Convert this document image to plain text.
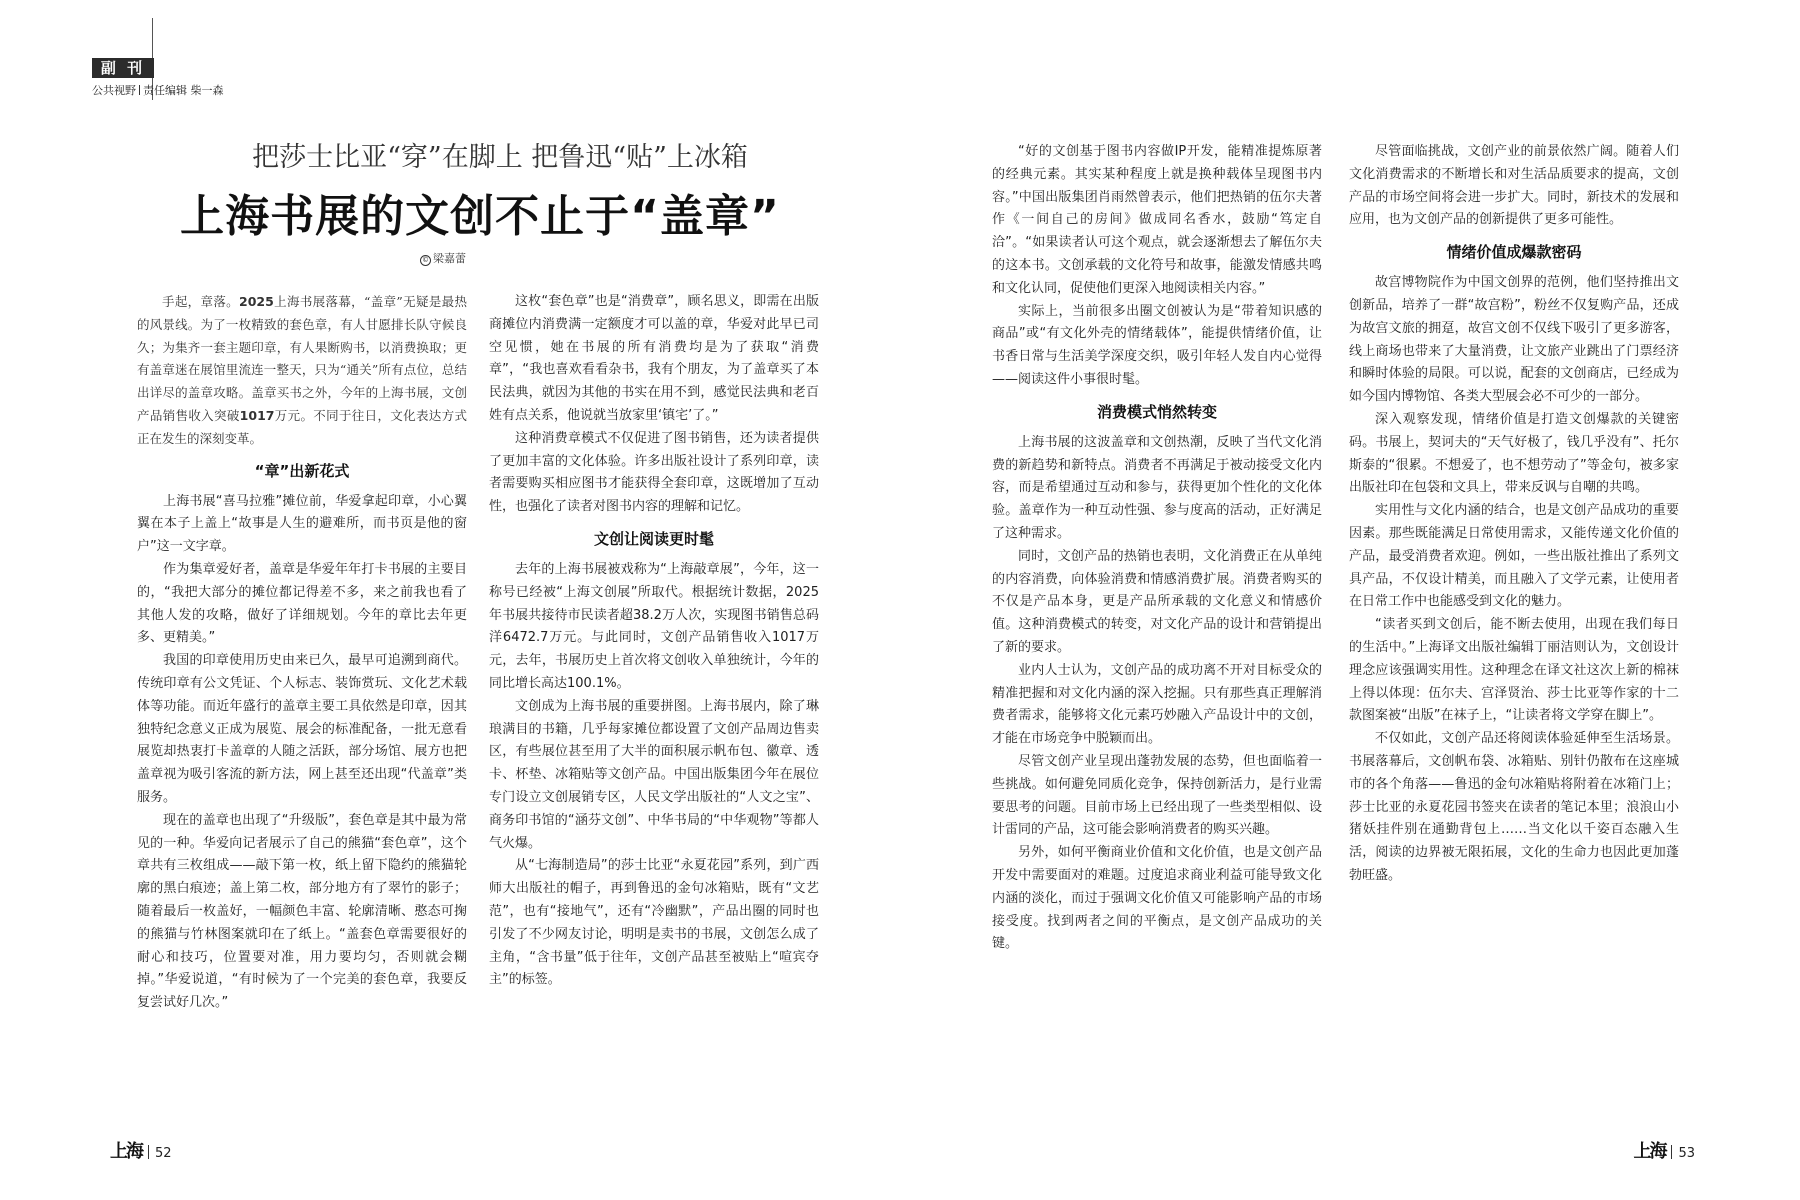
副 刊
公共视野 责任编辑 柴一森
把莎士比亚“穿”在脚上 把鲁迅“贴”上冰箱
上海书展的文创不止于“盖章”
© 梁嘉蕾

手起，章落。2025上海书展落幕，“盖章”无疑是最热的风景线。为了一枚精致的套色章，有人甘愿排长队守候良久；为集齐一套主题印章，有人果断购书，以消费换取；更有盖章迷在展馆里流连一整天，只为“通关”所有点位，总结出详尽的盖章攻略。盖章买书之外，今年的上海书展，文创产品销售收入突破1017万元。不同于往日，文化表达方式正在发生的深刻变革。

“章”出新花式

上海书展“喜马拉雅”摊位前，华爱拿起印章，小心翼翼在本子上盖上“故事是人生的避难所，而书页是他的窗户”这一文字章。

作为集章爱好者，盖章是华爱年年打卡书展的主要目的，“我把大部分的摊位都记得差不多，来之前我也看了其他人发的攻略，做好了详细规划。今年的章比去年更多、更精美。”

我国的印章使用历史由来已久，最早可追溯到商代。传统印章有公文凭证、个人标志、装饰赏玩、文化艺术载体等功能。而近年盛行的盖章主要工具依然是印章，因其独特纪念意义正成为展览、展会的标准配备，一批无意看展览却热衷打卡盖章的人随之活跃，部分场馆、展方也把盖章视为吸引客流的新方法，网上甚至还出现“代盖章”类服务。

现在的盖章也出现了“升级版”，套色章是其中最为常见的一种。华爱向记者展示了自己的熊猫“套色章”，这个章共有三枚组成——敲下第一枚，纸上留下隐约的熊猫轮廓的黑白痕迹；盖上第二枚，部分地方有了翠竹的影子；随着最后一枚盖好，一幅颜色丰富、轮廓清晰、憨态可掬的熊猫与竹林图案就印在了纸上。“盖套色章需要很好的耐心和技巧，位置要对准，用力要均匀，否则就会糊掉。”华爱说道，“有时候为了一个完美的套色章，我要反复尝试好几次。”

这枚“套色章”也是“消费章”，顾名思义，即需在出版商摊位内消费满一定额度才可以盖的章，华爱对此早已司空见惯，她在书展的所有消费均是为了获取“消费章”，“我也喜欢看看杂书，我有个朋友，为了盖章买了本民法典，就因为其他的书实在用不到，感觉民法典和老百姓有点关系，他说就当放家里‘镇宅’了。”

这种消费章模式不仅促进了图书销售，还为读者提供了更加丰富的文化体验。许多出版社设计了系列印章，读者需要购买相应图书才能获得全套印章，这既增加了互动性，也强化了读者对图书内容的理解和记忆。

文创让阅读更时髦

去年的上海书展被戏称为“上海敲章展”，今年，这一称号已经被“上海文创展”所取代。根据统计数据，2025年书展共接待市民读者超38.2万人次，实现图书销售总码洋6472.7万元。与此同时，文创产品销售收入1017万元，去年，书展历史上首次将文创收入单独统计，今年的同比增长高达100.1%。

文创成为上海书展的重要拼图。上海书展内，除了琳琅满目的书籍，几乎每家摊位都设置了文创产品周边售卖区，有些展位甚至用了大半的面积展示帆布包、徽章、透卡、杯垫、冰箱贴等文创产品。中国出版集团今年在展位专门设立文创展销专区，人民文学出版社的“人文之宝”、商务印书馆的“涵芬文创”、中华书局的“中华观物”等都人气火爆。

从“七海制造局”的莎士比亚“永夏花园”系列，到广西师大出版社的帽子，再到鲁迅的金句冰箱贴，既有“文艺范”，也有“接地气”，还有“冷幽默”，产品出圈的同时也引发了不少网友讨论，明明是卖书的书展，文创怎么成了主角，“含书量”低于往年，文创产品甚至被贴上“喧宾夺主”的标签。

上海 52

“好的文创基于图书内容做IP开发，能精准提炼原著的经典元素。其实某种程度上就是换种载体呈现图书内容。”中国出版集团肖雨然曾表示，他们把热销的伍尔夫著作《一间自己的房间》做成同名香水，鼓励“笃定自洽”。“如果读者认可这个观点，就会逐渐想去了解伍尔夫的这本书。文创承载的文化符号和故事，能激发情感共鸣和文化认同，促使他们更深入地阅读相关内容。”

实际上，当前很多出圈文创被认为是“带着知识感的商品”或“有文化外壳的情绪载体”，能提供情绪价值，让书香日常与生活美学深度交织，吸引年轻人发自内心觉得——阅读这件小事很时髦。

消费模式悄然转变

上海书展的这波盖章和文创热潮，反映了当代文化消费的新趋势和新特点。消费者不再满足于被动接受文化内容，而是希望通过互动和参与，获得更加个性化的文化体验。盖章作为一种互动性强、参与度高的活动，正好满足了这种需求。

同时，文创产品的热销也表明，文化消费正在从单纯的内容消费，向体验消费和情感消费扩展。消费者购买的不仅是产品本身，更是产品所承载的文化意义和情感价值。这种消费模式的转变，对文化产品的设计和营销提出了新的要求。

业内人士认为，文创产品的成功离不开对目标受众的精准把握和对文化内涵的深入挖掘。只有那些真正理解消费者需求，能够将文化元素巧妙融入产品设计中的文创，才能在市场竞争中脱颖而出。

尽管文创产业呈现出蓬勃发展的态势，但也面临着一些挑战。如何避免同质化竞争，保持创新活力，是行业需要思考的问题。目前市场上已经出现了一些类型相似、设计雷同的产品，这可能会影响消费者的购买兴趣。

另外，如何平衡商业价值和文化价值，也是文创产品开发中需要面对的难题。过度追求商业利益可能导致文化内涵的淡化，而过于强调文化价值又可能影响产品的市场接受度。找到两者之间的平衡点，是文创产品成功的关键。

尽管面临挑战，文创产业的前景依然广阔。随着人们文化消费需求的不断增长和对生活品质要求的提高，文创产品的市场空间将会进一步扩大。同时，新技术的发展和应用，也为文创产品的创新提供了更多可能性。

情绪价值成爆款密码

故宫博物院作为中国文创界的范例，他们坚持推出文创新品，培养了一群“故宫粉”，粉丝不仅复购产品，还成为故宫文旅的拥趸，故宫文创不仅线下吸引了更多游客，线上商场也带来了大量消费，让文旅产业跳出了门票经济和瞬时体验的局限。可以说，配套的文创商店，已经成为如今国内博物馆、各类大型展会必不可少的一部分。

深入观察发现，情绪价值是打造文创爆款的关键密码。书展上，契诃夫的“天气好极了，钱几乎没有”、托尔斯泰的“很累。不想爱了，也不想劳动了”等金句，被多家出版社印在包袋和文具上，带来反讽与自嘲的共鸣。

实用性与文化内涵的结合，也是文创产品成功的重要因素。那些既能满足日常使用需求，又能传递文化价值的产品，最受消费者欢迎。例如，一些出版社推出了系列文具产品，不仅设计精美，而且融入了文学元素，让使用者在日常工作中也能感受到文化的魅力。

“读者买到文创后，能不断去使用，出现在我们每日的生活中。”上海译文出版社编辑丁丽洁则认为，文创设计理念应该强调实用性。这种理念在译文社这次上新的棉袜上得以体现：伍尔夫、宫泽贤治、莎士比亚等作家的十二款图案被“出版”在袜子上，“让读者将文学穿在脚上”。

不仅如此，文创产品还将阅读体验延伸至生活场景。书展落幕后，文创帆布袋、冰箱贴、别针仍散布在这座城市的各个角落——鲁迅的金句冰箱贴将附着在冰箱门上；莎士比亚的永夏花园书签夹在读者的笔记本里；浪浪山小猪妖挂件别在通勤背包上……当文化以千姿百态融入生活，阅读的边界被无限拓展，文化的生命力也因此更加蓬勃旺盛。

上海 53
